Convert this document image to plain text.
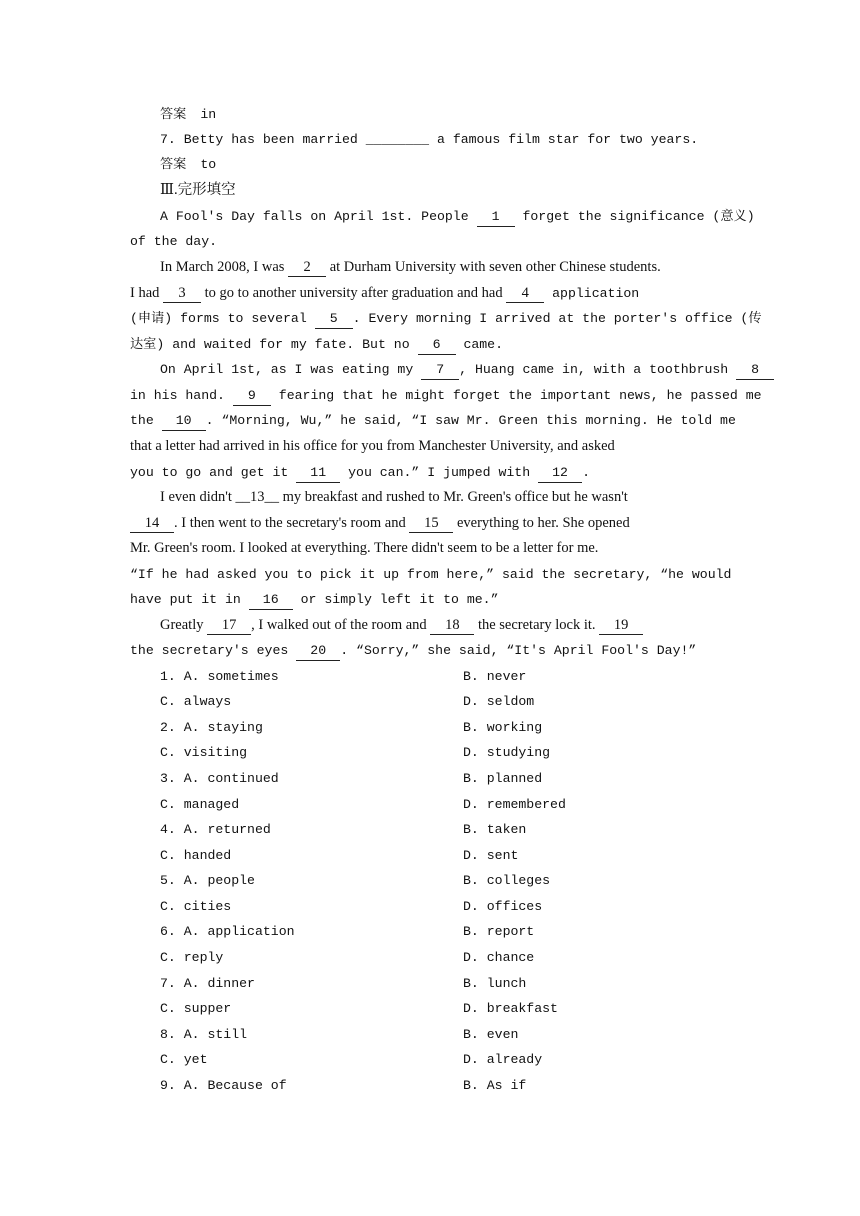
答案 in
7. Betty has been married ________ a famous film star for two years.
答案 to
Ⅲ.完形填空
A Fool's Day falls on April 1st. People 1 forget the significance (意义)
of the day.
In March 2008, I was 2 at Durham University with seven other Chinese students.
I had 3 to go to another university after graduation and had 4 application
(申请) forms to several 5 . Every morning I arrived at the porter's office (传
达室) and waited for my fate. But no 6 came.
On April 1st, as I was eating my 7 , Huang came in, with a toothbrush 8
in his hand. 9 fearing that he might forget the important news, he passed me
the 10 . “Morning, Wu,” he said, “I saw Mr. Green this morning. He told me
that a letter had arrived in his office for you from Manchester University, and asked
you to go and get it 11 you can.” I jumped with 12 .
I even didn't __13__ my breakfast and rushed to Mr. Green's office but he wasn't
14 . I then went to the secretary's room and 15 everything to her. She opened
Mr. Green's room. I looked at everything. There didn't seem to be a letter for me.
“If he had asked you to pick it up from here,” said the secretary, “he would
have put it in 16 or simply left it to me.”
Greatly 17 , I walked out of the room and 18 the secretary lock it. 19
the secretary's eyes 20 . “Sorry,” she said, “It's April Fool's Day!”
1. A. sometimes	B. never
C. always	D. seldom
2. A. staying	B. working
C. visiting	D. studying
3. A. continued	B. planned
C. managed	D. remembered
4. A. returned	B. taken
C. handed	D. sent
5. A. people	B. colleges
C. cities	D. offices
6. A. application	B. report
C. reply	D. chance
7. A. dinner	B. lunch
C. supper	D. breakfast
8. A. still	B. even
C. yet	D. already
9. A. Because of	B. As if
